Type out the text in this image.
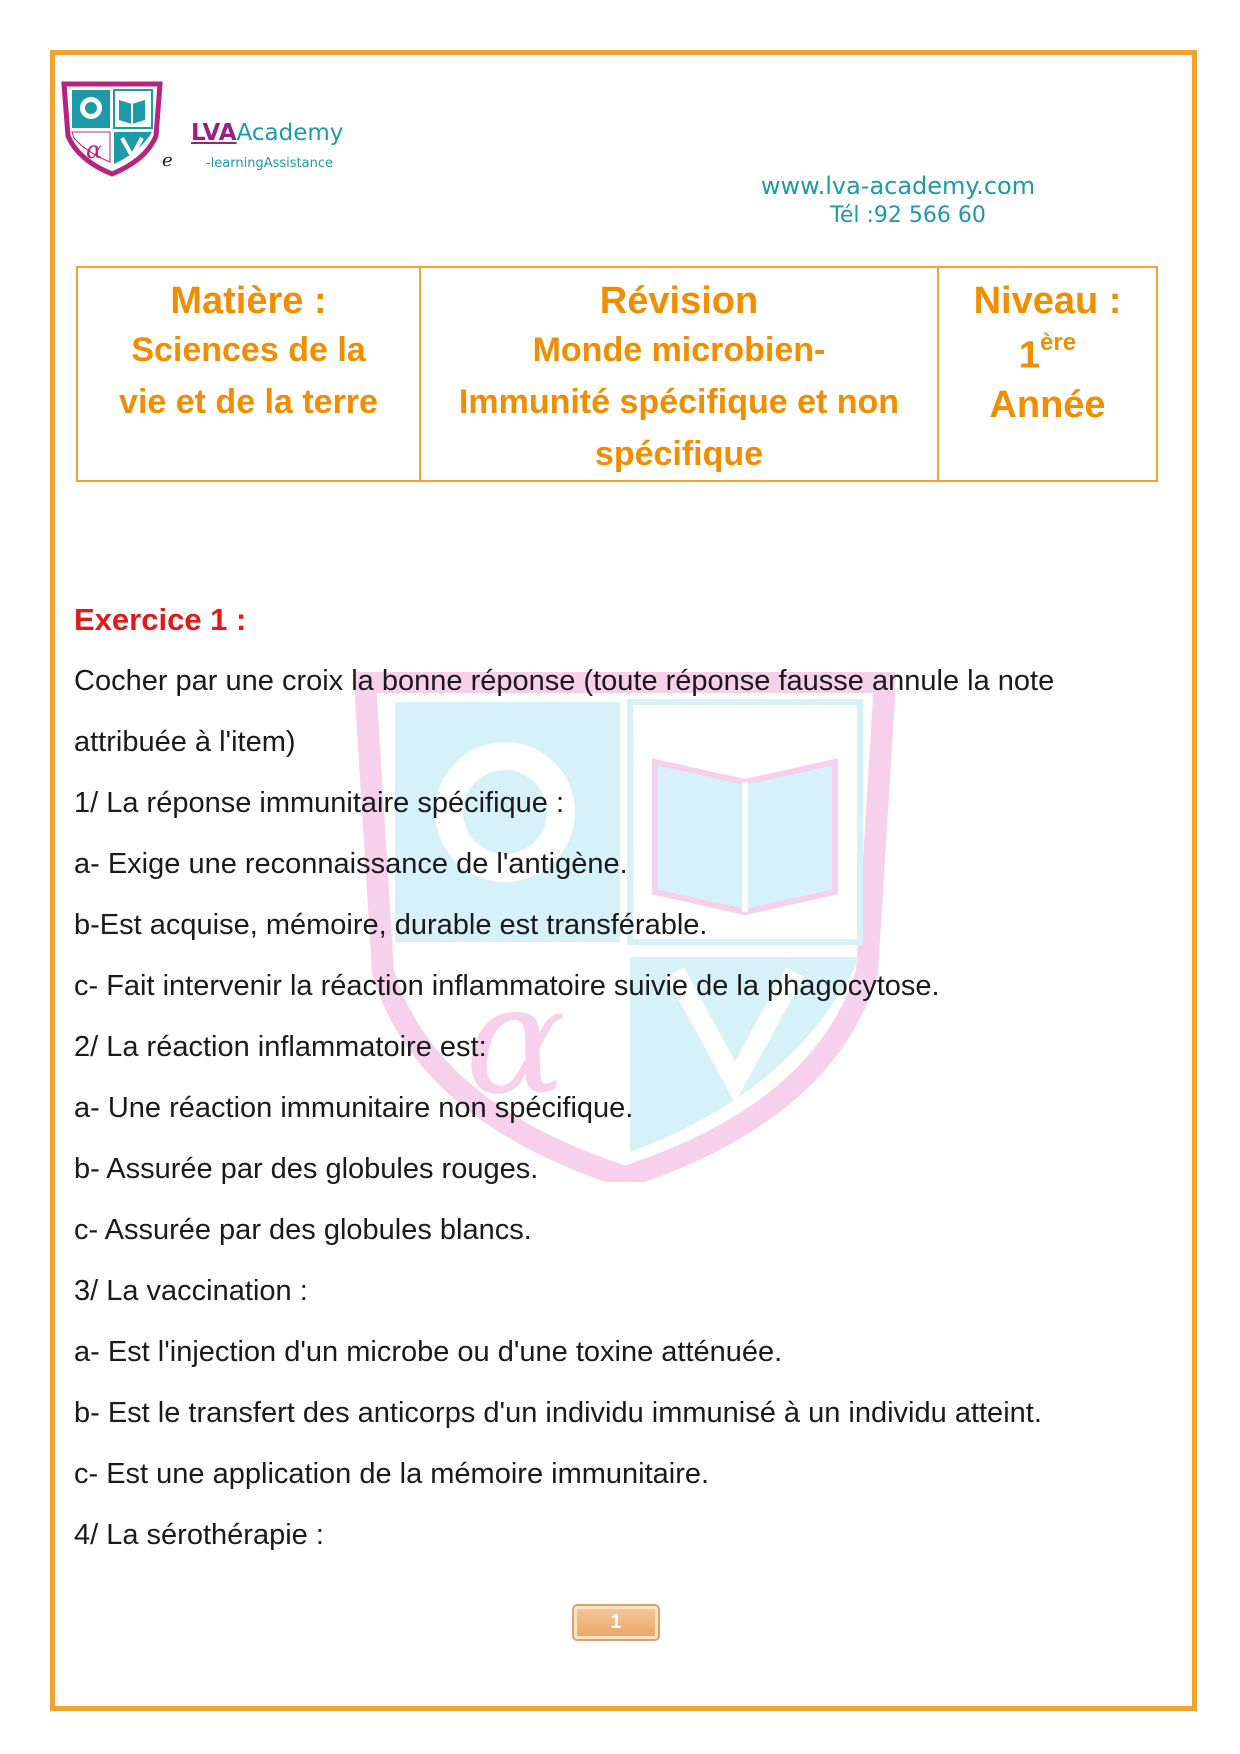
α
LVAAcademy
e	-learningAssistance
www.lva-academy.com
Tél :92 566 60
Matière :
Sciences de la
vie et de la terre

Révision
Monde microbien-
Immunité spécifique et non
spécifique

Niveau : 1ère
Année
α
Exercice 1 :
Cocher par une croix la bonne réponse (toute réponse fausse annule la note
attribuée à l'item)
1/ La réponse immunitaire spécifique :
a- Exige une reconnaissance de l'antigène.
b-Est acquise, mémoire, durable est transférable.
c- Fait intervenir la réaction inflammatoire suivie de la phagocytose.
2/ La réaction inflammatoire est:
a- Une réaction immunitaire non spécifique.
b- Assurée par des globules rouges.
c- Assurée par des globules blancs.
3/ La vaccination :
a- Est l'injection d'un microbe ou d'une toxine atténuée.
b- Est le transfert des anticorps d'un individu immunisé à un individu atteint.
c- Est une application de la mémoire immunitaire.
4/ La sérothérapie :
1
